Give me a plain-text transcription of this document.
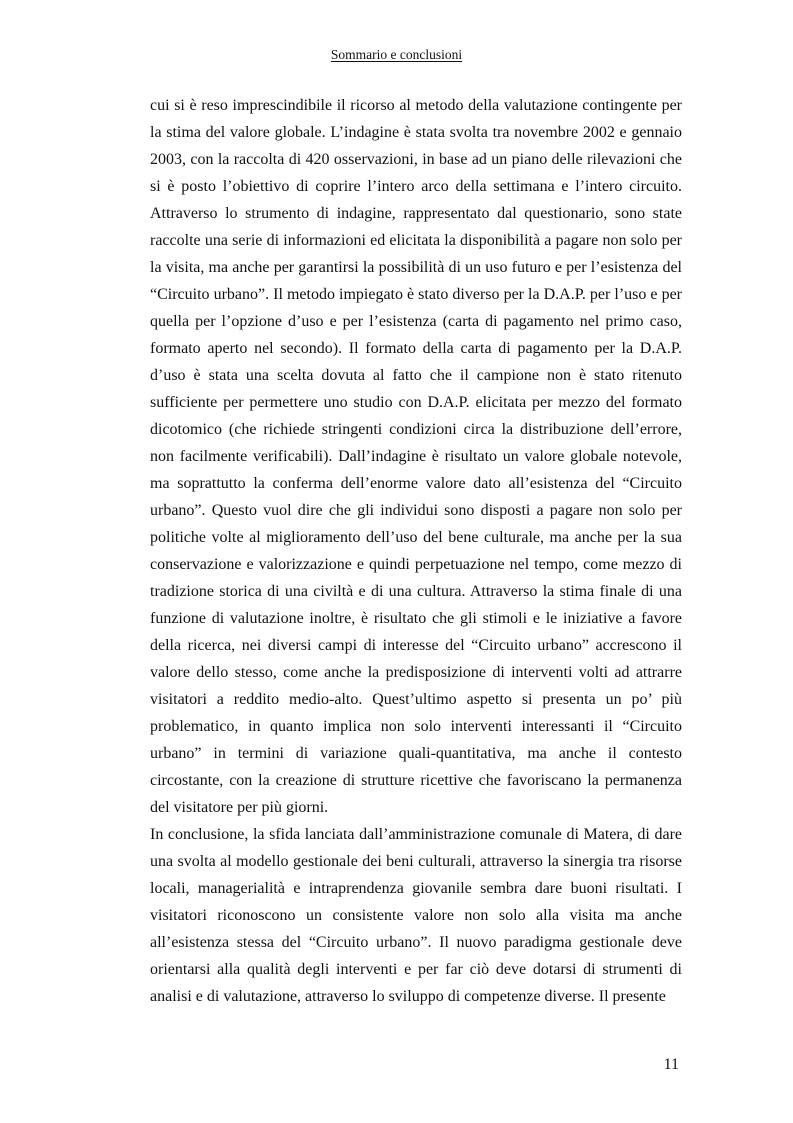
Sommario e conclusioni

cui si è reso imprescindibile il ricorso al metodo della valutazione contingente per la stima del valore globale. L’indagine è stata svolta tra novembre 2002 e gennaio 2003, con la raccolta di 420 osservazioni, in base ad un piano delle rilevazioni che si è posto l’obiettivo di coprire l’intero arco della settimana e l’intero circuito. Attraverso lo strumento di indagine, rappresentato dal questionario, sono state raccolte una serie di informazioni ed elicitata la disponibilità a pagare non solo per la visita, ma anche per garantirsi la possibilità di un uso futuro e per l’esistenza del “Circuito urbano”. Il metodo impiegato è stato diverso per la D.A.P. per l’uso e per quella per l’opzione d’uso e per l’esistenza (carta di pagamento nel primo caso, formato aperto nel secondo). Il formato della carta di pagamento per la D.A.P. d’uso è stata una scelta dovuta al fatto che il campione non è stato ritenuto sufficiente per permettere uno studio con D.A.P. elicitata per mezzo del formato dicotomico (che richiede stringenti condizioni circa la distribuzione dell’errore, non facilmente verificabili). Dall’indagine è risultato un valore globale notevole, ma soprattutto la conferma dell’enorme valore dato all’esistenza del “Circuito urbano”. Questo vuol dire che gli individui sono disposti a pagare non solo per politiche volte al miglioramento dell’uso del bene culturale, ma anche per la sua conservazione e valorizzazione e quindi perpetuazione nel tempo, come mezzo di tradizione storica di una civiltà e di una cultura. Attraverso la stima finale di una funzione di valutazione inoltre, è risultato che gli stimoli e le iniziative a favore della ricerca, nei diversi campi di interesse del “Circuito urbano” accrescono il valore dello stesso, come anche la predisposizione di interventi volti ad attrarre visitatori a reddito medio-alto. Quest’ultimo aspetto si presenta un po’ più problematico, in quanto implica non solo interventi interessanti il “Circuito urbano” in termini di variazione quali-quantitativa, ma anche il contesto circostante, con la creazione di strutture ricettive che favoriscano la permanenza del visitatore per più giorni.

In conclusione, la sfida lanciata dall’amministrazione comunale di Matera, di dare una svolta al modello gestionale dei beni culturali, attraverso la sinergia tra risorse locali, managerialità e intraprendenza giovanile sembra dare buoni risultati. I visitatori riconoscono un consistente valore non solo alla visita ma anche all’esistenza stessa del “Circuito urbano”. Il nuovo paradigma gestionale deve orientarsi alla qualità degli interventi e per far ciò deve dotarsi di strumenti di analisi e di valutazione, attraverso lo sviluppo di competenze diverse. Il presente

11
